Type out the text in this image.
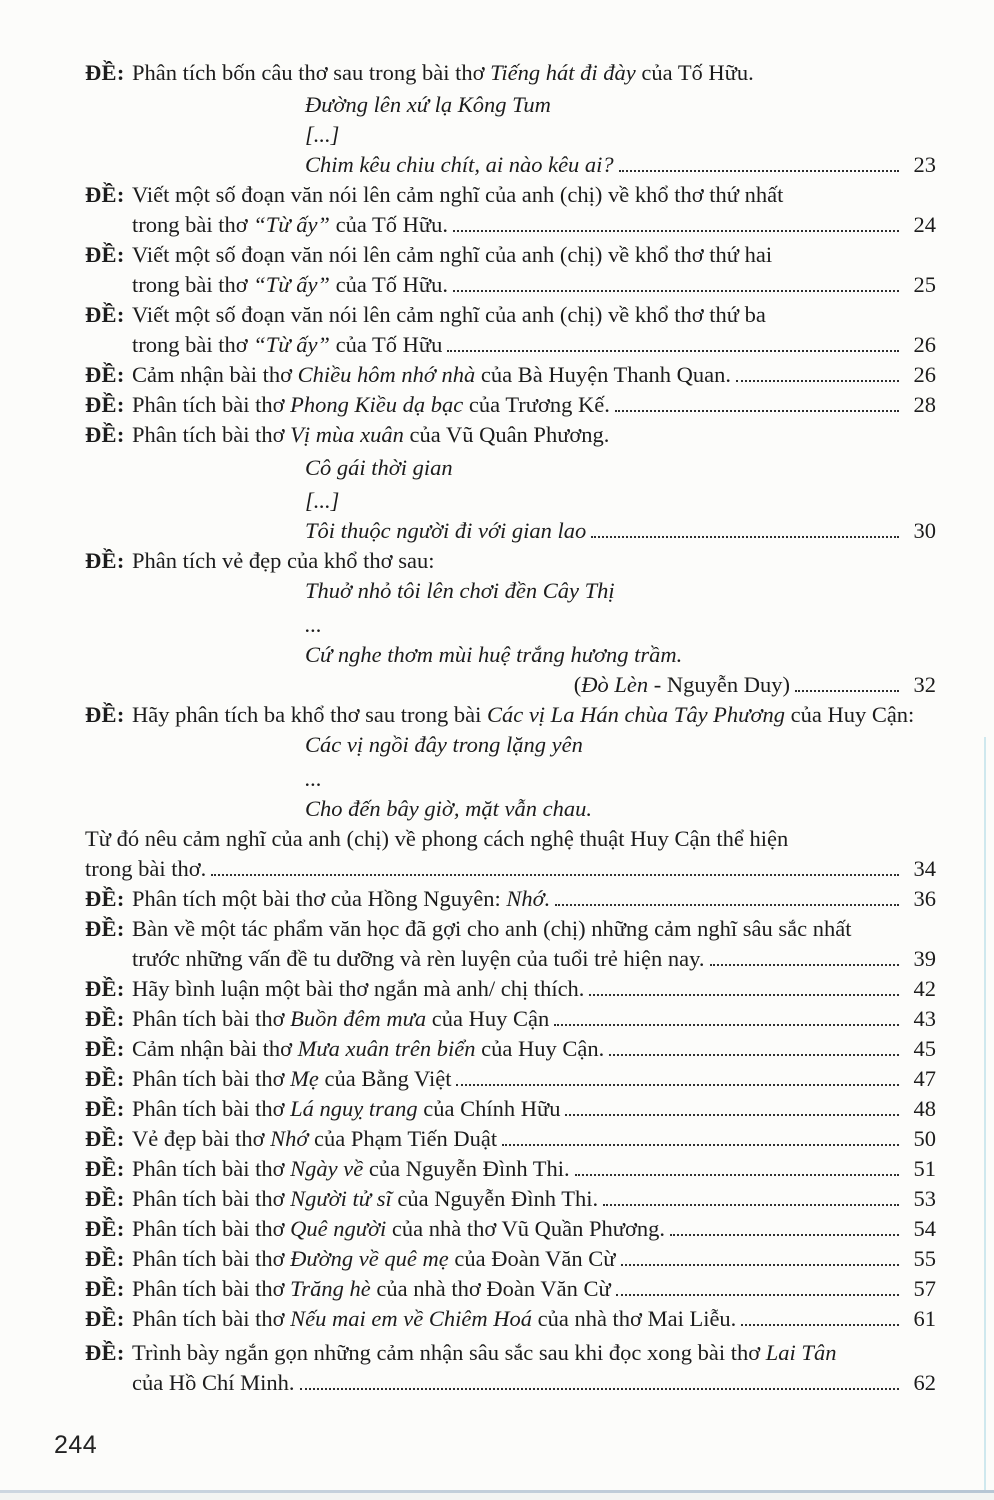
ĐỀ: Phân tích bốn câu thơ sau trong bài thơ Tiếng hát đi đày của Tố Hữu.
Đường lên xứ lạ Kông Tum
[...]
Chim kêu chiu chít, ai nào kêu ai?	23
ĐỀ: Viết một số đoạn văn nói lên cảm nghĩ của anh (chị) về khổ thơ thứ nhất
trong bài thơ “Từ ấy” của Tố Hữu.	24
ĐỀ: Viết một số đoạn văn nói lên cảm nghĩ của anh (chị) về khổ thơ thứ hai
trong bài thơ “Từ ấy” của Tố Hữu.	25
ĐỀ: Viết một số đoạn văn nói lên cảm nghĩ của anh (chị) về khổ thơ thứ ba
trong bài thơ “Từ ấy” của Tố Hữu	26
ĐỀ: Cảm nhận bài thơ Chiều hôm nhớ nhà của Bà Huyện Thanh Quan.	26
ĐỀ: Phân tích bài thơ Phong Kiều dạ bạc của Trương Kế.	28
ĐỀ: Phân tích bài thơ Vị mùa xuân của Vũ Quân Phương.
Cô gái thời gian
[...]
Tôi thuộc người đi với gian lao	30
ĐỀ: Phân tích vẻ đẹp của khổ thơ sau:
Thuở nhỏ tôi lên chơi đền Cây Thị
...
Cứ nghe thơm mùi huệ trắng hương trầm.
(Đò Lèn - Nguyễn Duy)	32
ĐỀ: Hãy phân tích ba khổ thơ sau trong bài Các vị La Hán chùa Tây Phương của Huy Cận:
Các vị ngồi đây trong lặng yên
...
Cho đến bây giờ, mặt vẫn chau.
Từ đó nêu cảm nghĩ của anh (chị) về phong cách nghệ thuật Huy Cận thể hiện
trong bài thơ.	34
ĐỀ: Phân tích một bài thơ của Hồng Nguyên: Nhớ.	36
ĐỀ: Bàn về một tác phẩm văn học đã gợi cho anh (chị) những cảm nghĩ sâu sắc nhất
trước những vấn đề tu dưỡng và rèn luyện của tuổi trẻ hiện nay.	39
ĐỀ: Hãy bình luận một bài thơ ngắn mà anh/ chị thích.	42
ĐỀ: Phân tích bài thơ Buồn đêm mưa của Huy Cận	43
ĐỀ: Cảm nhận bài thơ Mưa xuân trên biển của Huy Cận.	45
ĐỀ: Phân tích bài thơ Mẹ của Bằng Việt	47
ĐỀ: Phân tích bài thơ Lá nguỵ trang của Chính Hữu	48
ĐỀ: Vẻ đẹp bài thơ Nhớ của Phạm Tiến Duật	50
ĐỀ: Phân tích bài thơ Ngày về của Nguyễn Đình Thi.	51
ĐỀ: Phân tích bài thơ Người tử sĩ của Nguyễn Đình Thi.	53
ĐỀ: Phân tích bài thơ Quê người của nhà thơ Vũ Quần Phương.	54
ĐỀ: Phân tích bài thơ Đường về quê mẹ của Đoàn Văn Cừ	55
ĐỀ: Phân tích bài thơ Trăng hè của nhà thơ Đoàn Văn Cừ	57
ĐỀ: Phân tích bài thơ Nếu mai em về Chiêm Hoá của nhà thơ Mai Liễu.	61
ĐỀ: Trình bày ngắn gọn những cảm nhận sâu sắc sau khi đọc xong bài thơ Lai Tân
của Hồ Chí Minh.	62
244
